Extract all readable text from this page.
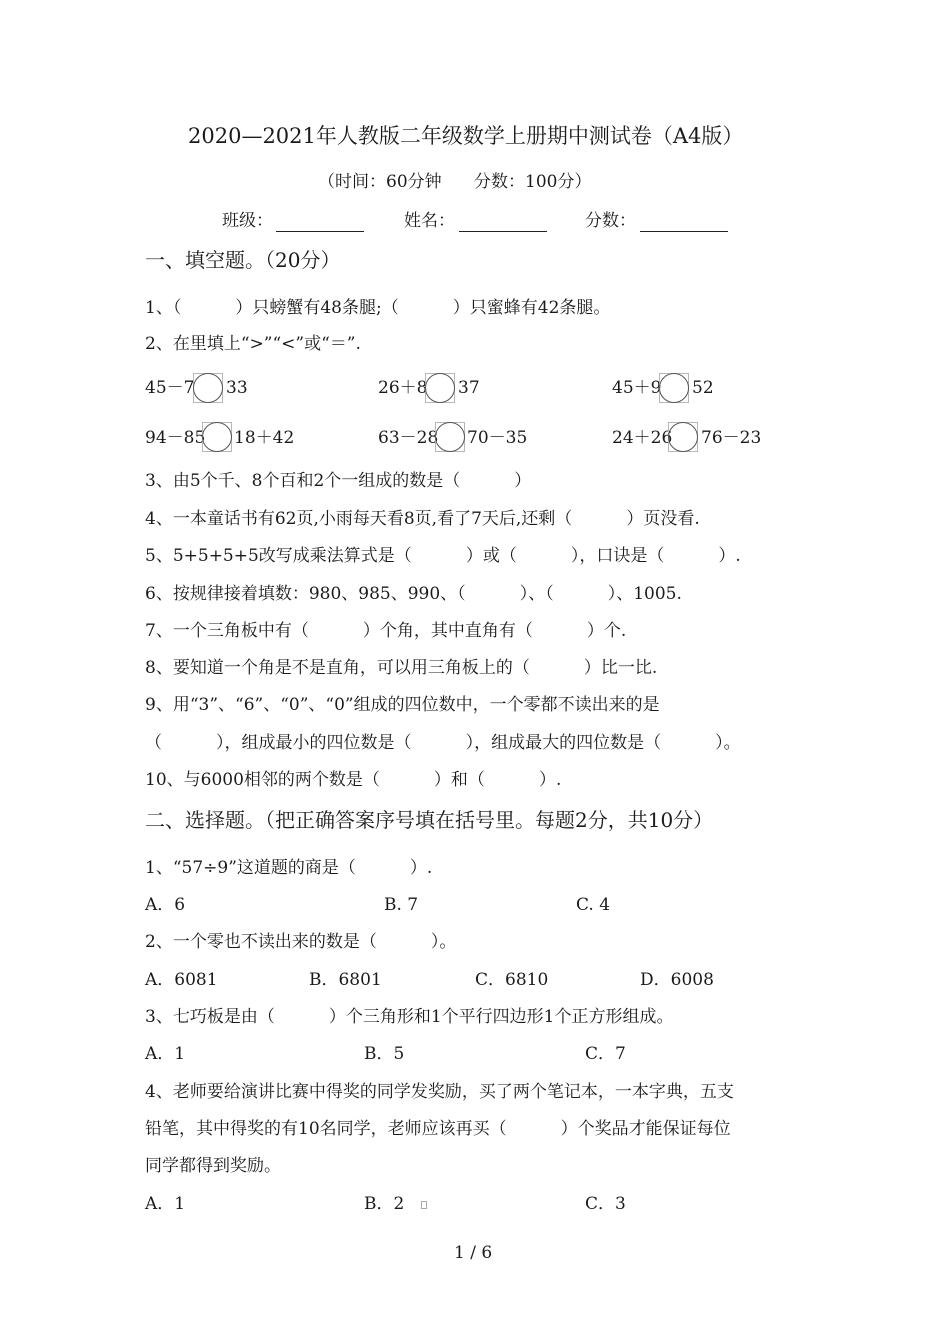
2020—2021年人教版二年级数学上册期中测试卷（A4版）
（时间：60分钟      分数：100分）
班级：	姓名：	分数：
一、填空题。（20分）
1、（          ）只螃蟹有48条腿;（          ）只蜜蜂有42条腿。
2、在里填上“>”“<”或“＝”.
45－7 33	26＋8 37	45＋9 52
94－85 18＋42	63－28 70－35	24＋26 76－23
3、由5个千、8个百和2个一组成的数是（          ）
4、一本童话书有62页,小雨每天看8页,看了7天后,还剩（          ）页没看.
5、5+5+5+5改写成乘法算式是（          ）或（          ），口诀是（          ）.
6、按规律接着填数：980、985、990、（          ）、（          ）、1005.
7、一个三角板中有（          ）个角，其中直角有（          ）个.
8、要知道一个角是不是直角，可以用三角板上的（          ）比一比.
9、用“3”、“6”、“0”、“0”组成的四位数中，一个零都不读出来的是
（          ），组成最小的四位数是（          ），组成最大的四位数是（          ）。
10、与6000相邻的两个数是（          ）和（          ）.
二、选择题。（把正确答案序号填在括号里。每题2分，共10分）
1、“57÷9”这道题的商是（          ）.
A．6	B. 7	C. 4
2、一个零也不读出来的数是（          ）。
A．6081	B．6801	C．6810	D．6008
3、七巧板是由（          ）个三角形和1个平行四边形1个正方形组成。
A．1	B．5	C．7
4、老师要给演讲比赛中得奖的同学发奖励，买了两个笔记本，一本字典，五支
铅笔，其中得奖的有10名同学，老师应该再买（          ）个奖品才能保证每位
同学都得到奖励。
A．1	B．2	C．3
1 / 6
